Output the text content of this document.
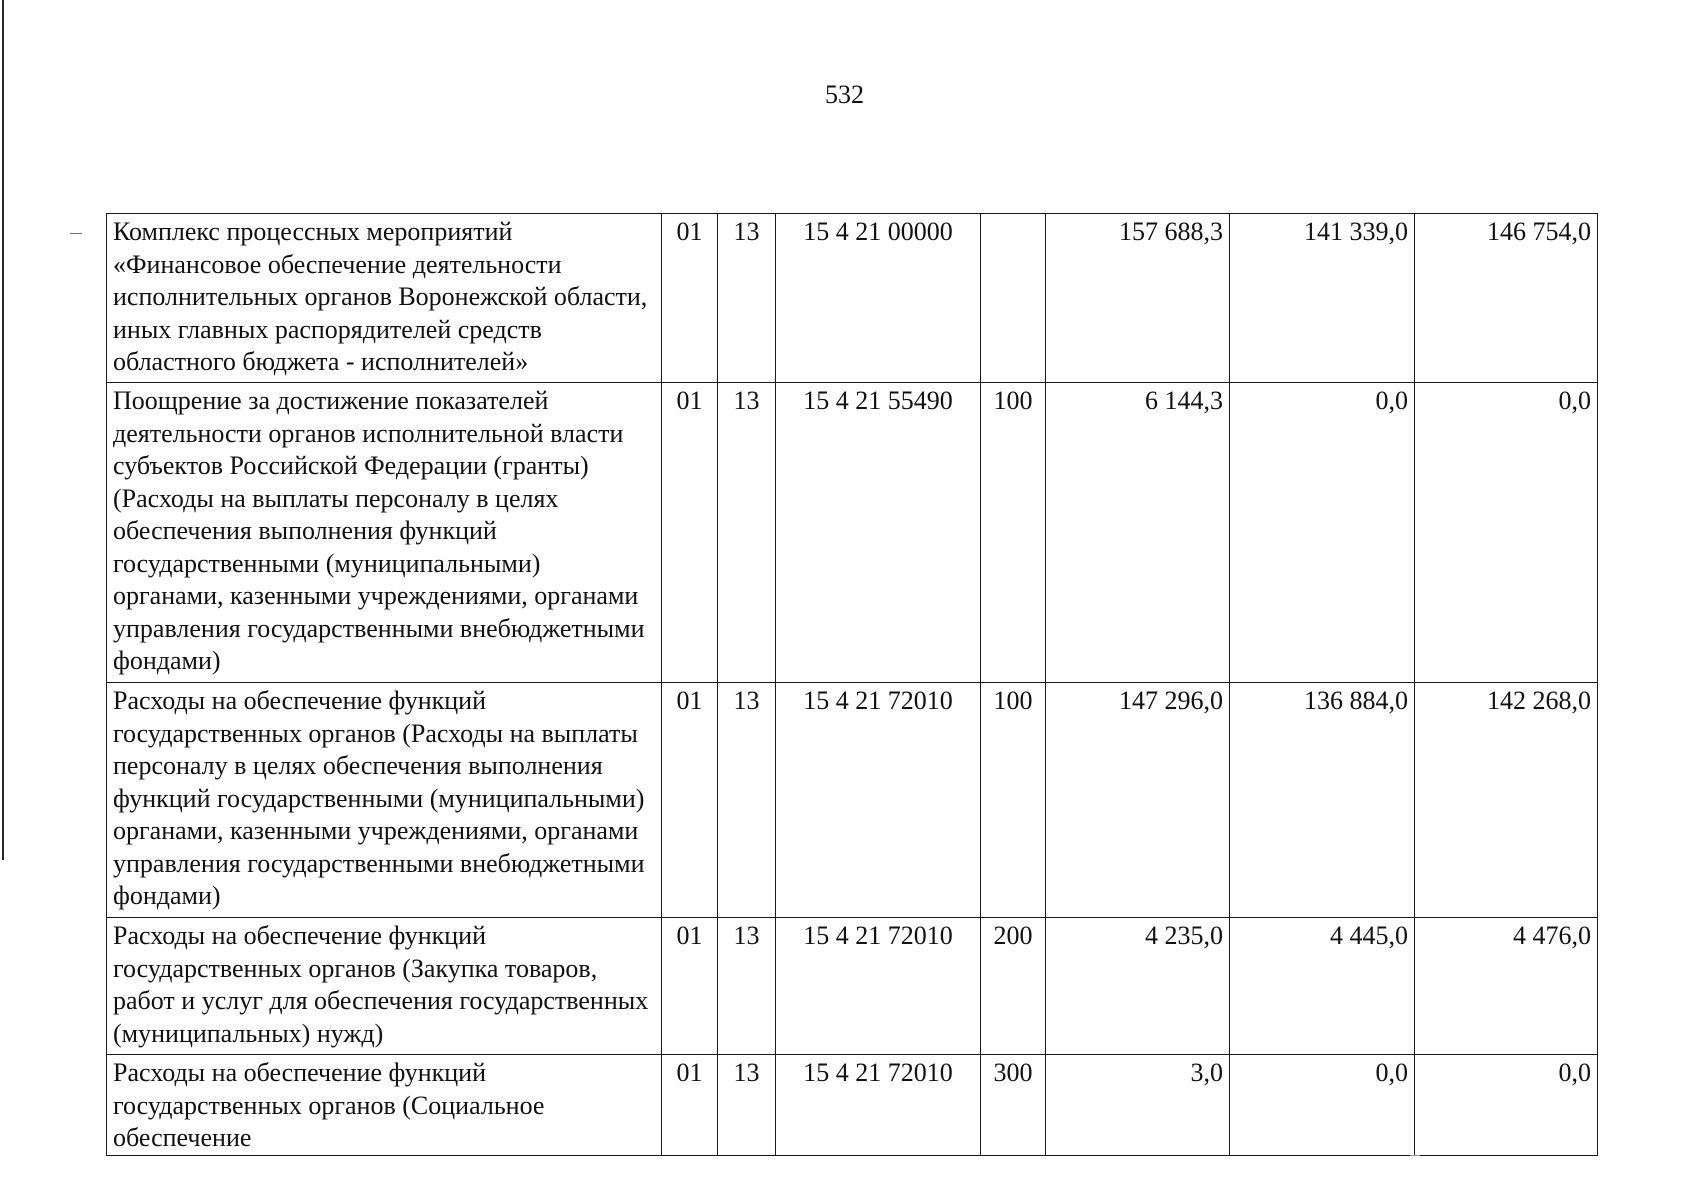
532
Комплекс процессных мероприятий «Финансовое обеспечение деятельности исполнительных органов Воронежской области, иных главных распорядителей средств областного бюджета - исполнителей»	01	13	15 4 21 00000		157 688,3	141 339,0	146 754,0
Поощрение за достижение показателей деятельности органов исполнительной власти субъектов Российской Федерации (гранты) (Расходы на выплаты персоналу в целях обеспечения выполнения функций государственными (муниципальными) органами, казенными учреждениями, органами управления государственными внебюджетными фондами)	01	13	15 4 21 55490	100	6 144,3	0,0	0,0
Расходы на обеспечение функций государственных органов (Расходы на выплаты персоналу в целях обеспечения выполнения функций государственными (муниципальными) органами, казенными учреждениями, органами управления государственными внебюджетными фондами)	01	13	15 4 21 72010	100	147 296,0	136 884,0	142 268,0
Расходы на обеспечение функций государственных органов (Закупка товаров, работ и услуг для обеспечения государственных (муниципальных) нужд)	01	13	15 4 21 72010	200	4 235,0	4 445,0	4 476,0
Расходы на обеспечение функций государственных органов (Социальное обеспечение	01	13	15 4 21 72010	300	3,0	0,0	0,0
